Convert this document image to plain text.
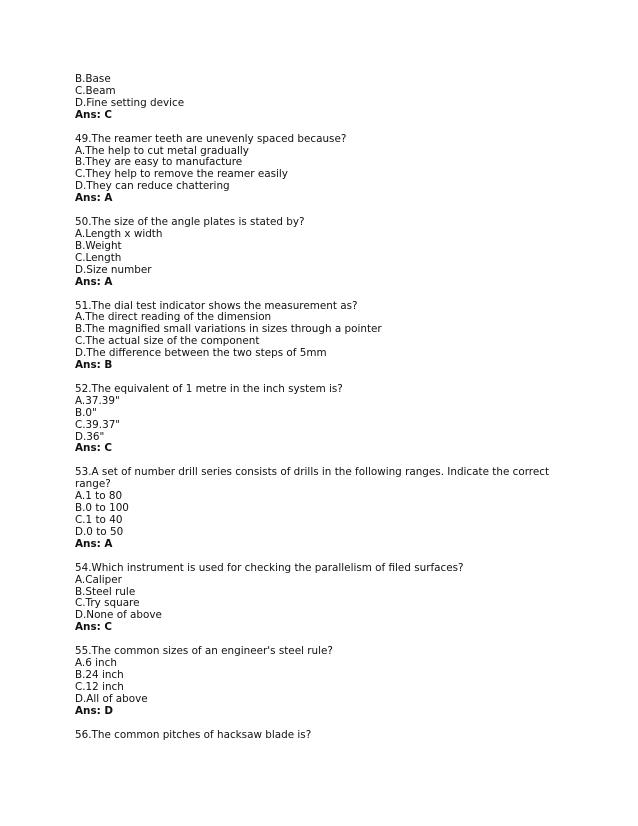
B.Base
C.Beam
D.Fine setting device
Ans: C
49.The reamer teeth are unevenly spaced because?
A.The help to cut metal gradually
B.They are easy to manufacture
C.They help to remove the reamer easily
D.They can reduce chattering
Ans: A
50.The size of the angle plates is stated by?
A.Length x width
B.Weight
C.Length
D.Size number
Ans: A
51.The dial test indicator shows the measurement as?
A.The direct reading of the dimension
B.The magnified small variations in sizes through a pointer
C.The actual size of the component
D.The difference between the two steps of 5mm
Ans: B
52.The equivalent of 1 metre in the inch system is?
A.37.39"
B.0"
C.39.37"
D.36"
Ans: C
53.A set of number drill series consists of drills in the following ranges. Indicate the correct range?
A.1 to 80
B.0 to 100
C.1 to 40
D.0 to 50
Ans: A
54.Which instrument is used for checking the parallelism of filed surfaces?
A.Caliper
B.Steel rule
C.Try square
D.None of above
Ans: C
55.The common sizes of an engineer's steel rule?
A.6 inch
B.24 inch
C.12 inch
D.All of above
Ans: D
56.The common pitches of hacksaw blade is?
